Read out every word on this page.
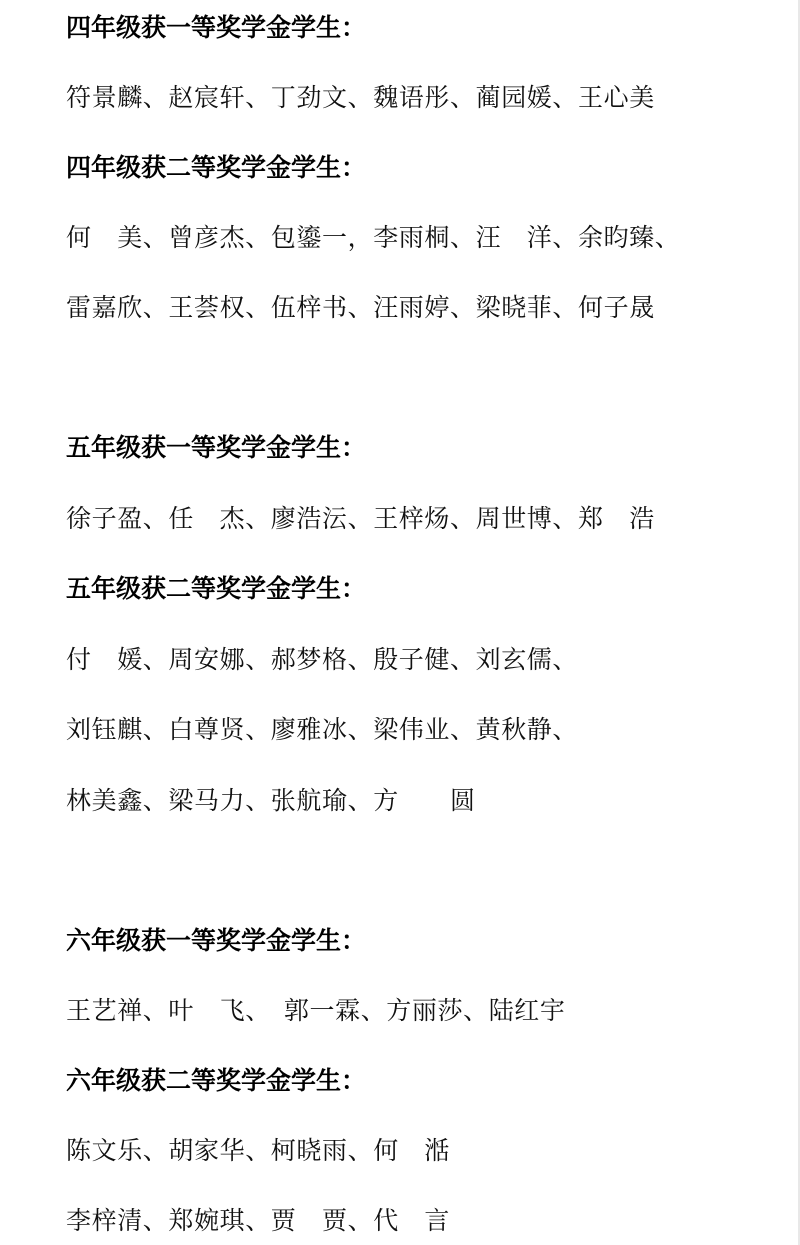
四年级获一等奖学金学生：
符景麟、赵宸轩、丁劲文、魏语彤、蔺园媛、王心美
四年级获二等奖学金学生：
何　美、曾彦杰、包鎏一，李雨桐、汪　洋、余昀臻、
雷嘉欣、王荟权、伍梓书、汪雨婷、梁晓菲、何子晟
五年级获一等奖学金学生：
徐子盈、任　杰、廖浩沄、王梓炀、周世博、郑　浩
五年级获二等奖学金学生：
付　媛、周安娜、郝梦格、殷子健、刘玄儒、
刘钰麒、白尊贤、廖雅冰、梁伟业、黄秋静、
林美鑫、梁马力、张航瑜、方　　圆
六年级获一等奖学金学生：
王艺禅、叶　飞、　郭一霖、方丽莎、陆红宇
六年级获二等奖学金学生：
陈文乐、胡家华、柯晓雨、何　湉
李梓清、郑婉琪、贾　贾、代　言
